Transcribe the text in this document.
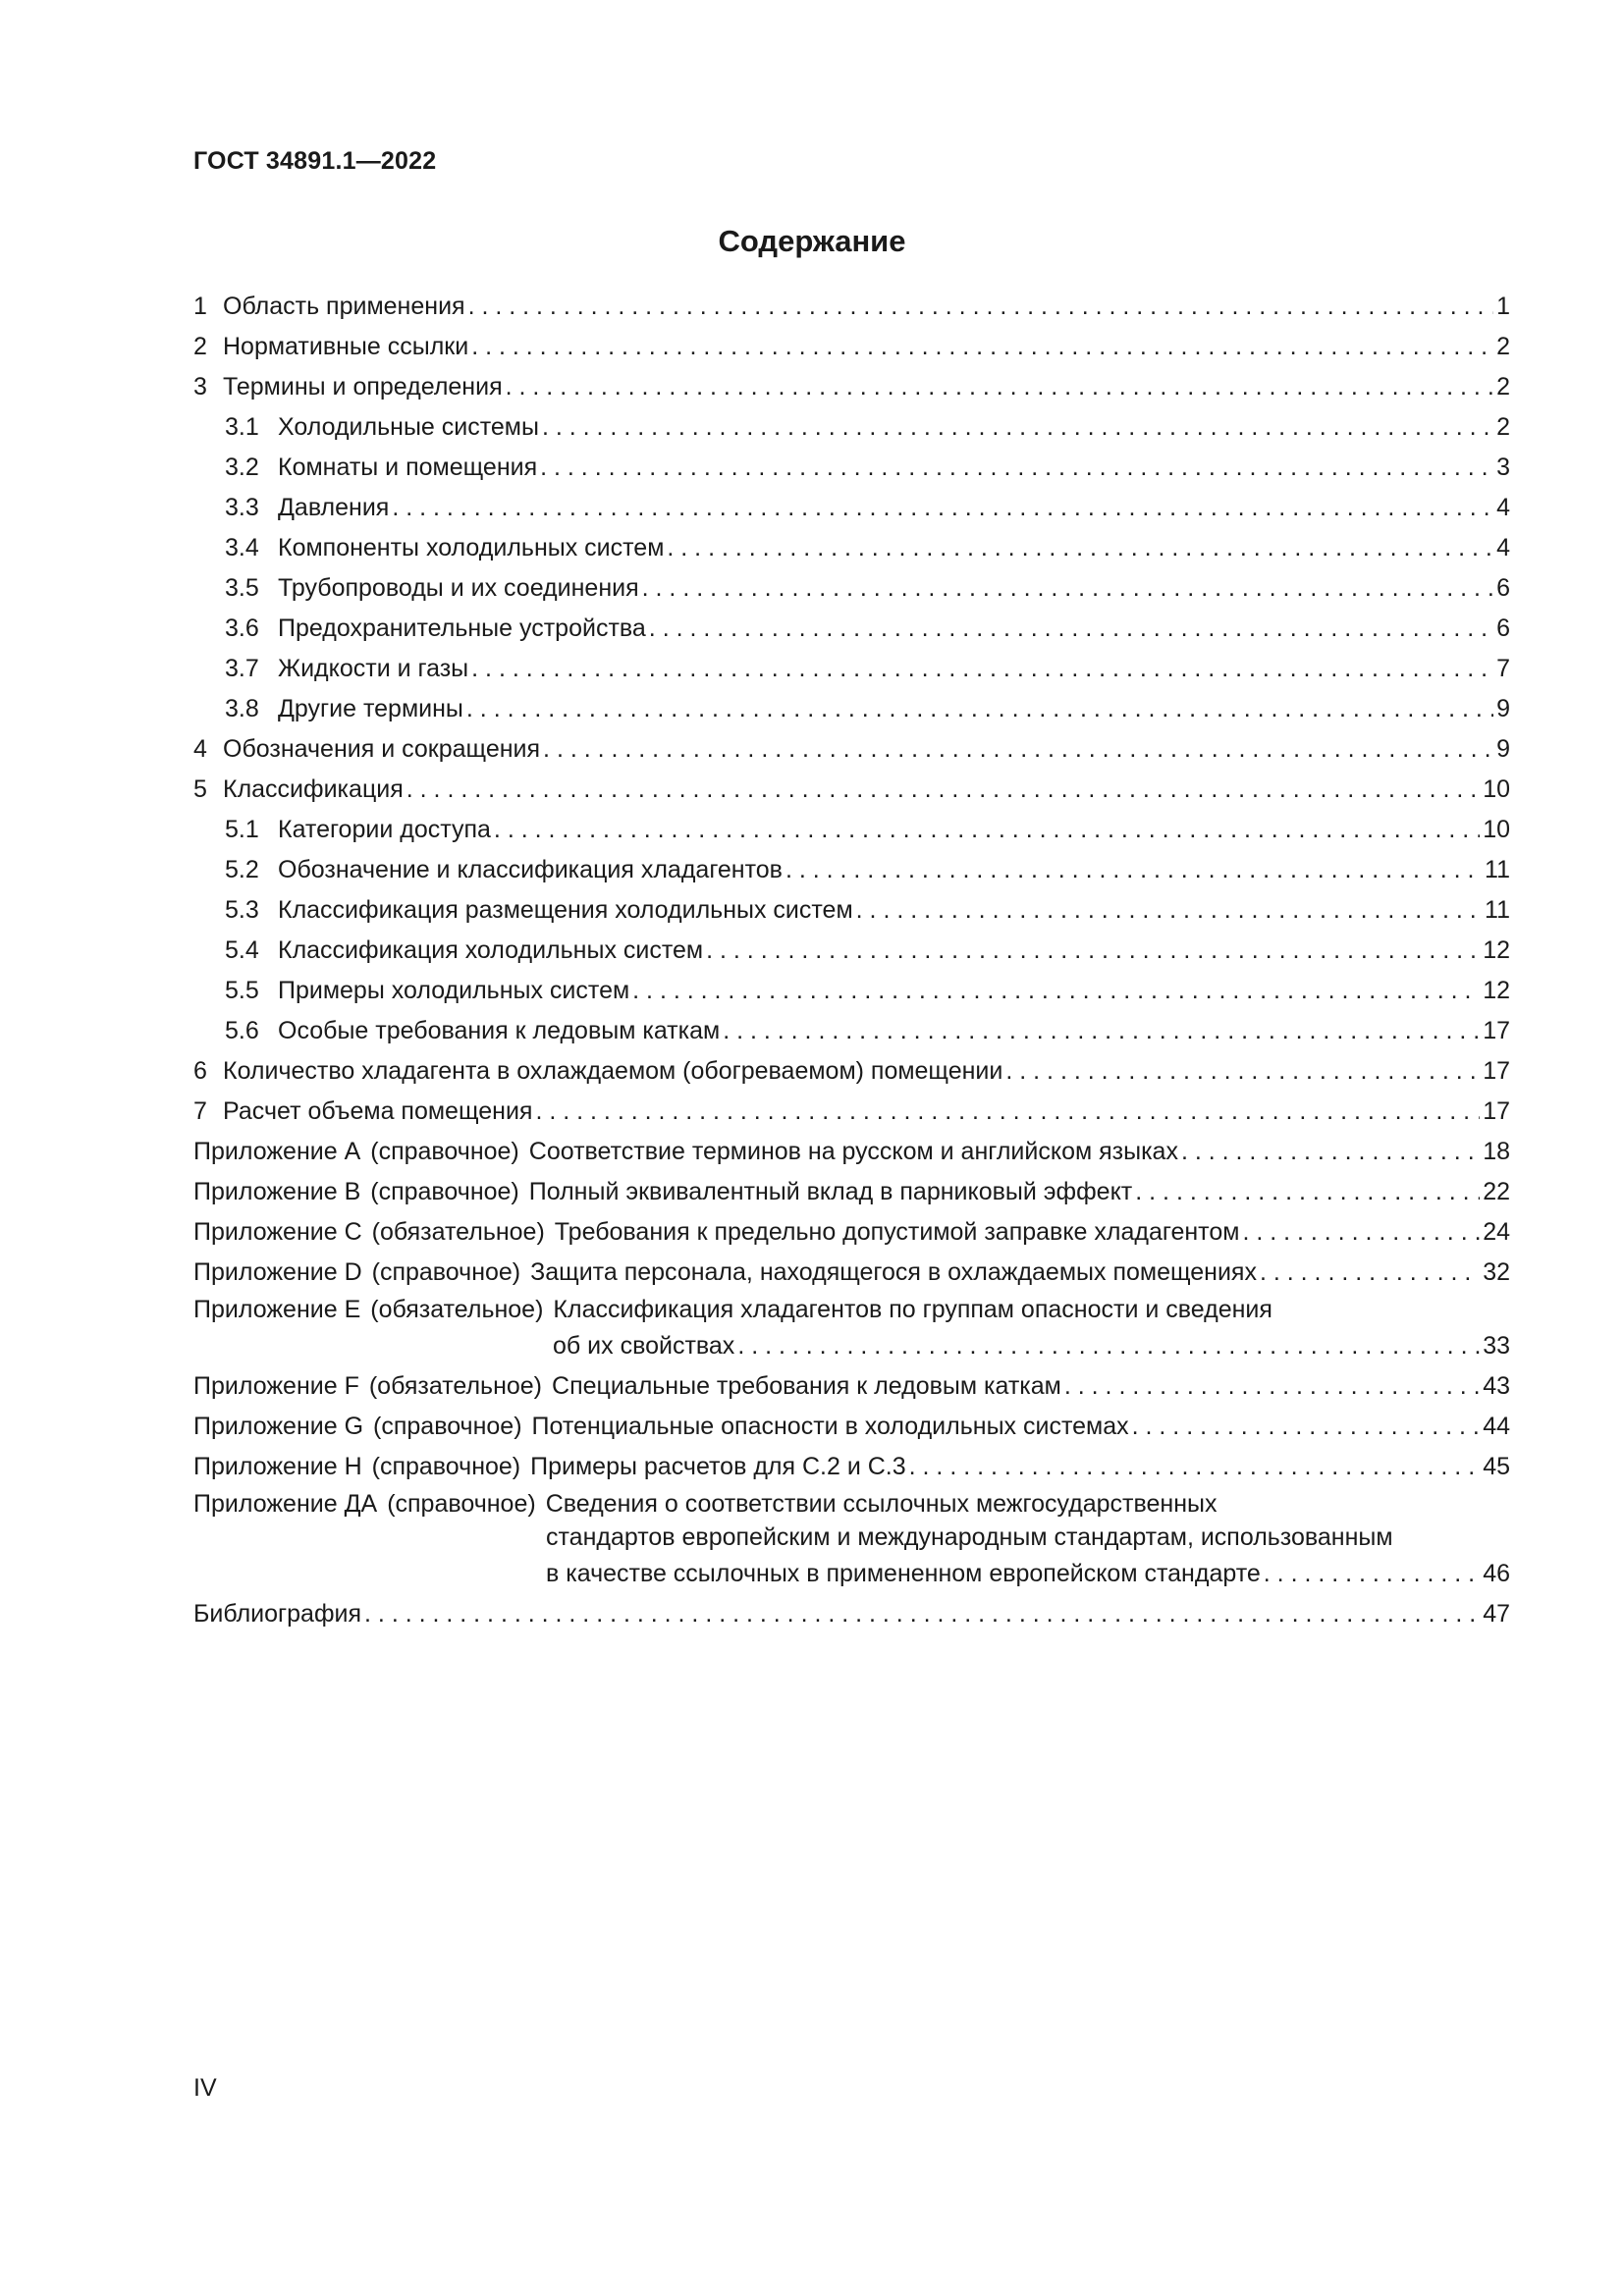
ГОСТ 34891.1—2022
Содержание
1 Область применения . . .	1
2 Нормативные ссылки . . .	2
3 Термины и определения . . .	2
3.1 Холодильные системы . . .	2
3.2 Комнаты и помещения . . .	3
3.3 Давления . . .	4
3.4 Компоненты холодильных систем . . .	4
3.5 Трубопроводы и их соединения . . .	6
3.6 Предохранительные устройства . . .	6
3.7 Жидкости и газы . . .	7
3.8 Другие термины . . .	9
4 Обозначения и сокращения . . .	9
5 Классификация . . .	10
5.1 Категории доступа . . .	10
5.2 Обозначение и классификация хладагентов . . .	11
5.3 Классификация размещения холодильных систем . . .	11
5.4 Классификация холодильных систем . . .	12
5.5 Примеры холодильных систем . . .	12
5.6 Особые требования к ледовым каткам . . .	17
6 Количество хладагента в охлаждаемом (обогреваемом) помещении . . .	17
7 Расчет объема помещения . . .	17
Приложение А (справочное) Соответствие терминов на русском и английском языках . . .	18
Приложение В (справочное) Полный эквивалентный вклад в парниковый эффект . . .	22
Приложение С (обязательное) Требования к предельно допустимой заправке хладагентом . . .	24
Приложение D (справочное) Защита персонала, находящегося в охлаждаемых помещениях . . .	32
Приложение Е (обязательное) Классификация хладагентов по группам опасности и сведения
об их свойствах . . .	33
Приложение F (обязательное) Специальные требования к ледовым каткам . . .	43
Приложение G (справочное) Потенциальные опасности в холодильных системах . . .	44
Приложение Н (справочное) Примеры расчетов для С.2 и С.3 . . .	45
Приложение ДА (справочное) Сведения о соответствии ссылочных межгосударственных
стандартов европейским и международным стандартам, использованным
в качестве ссылочных в примененном европейском стандарте . . .	46
Библиография . . .	47
IV
